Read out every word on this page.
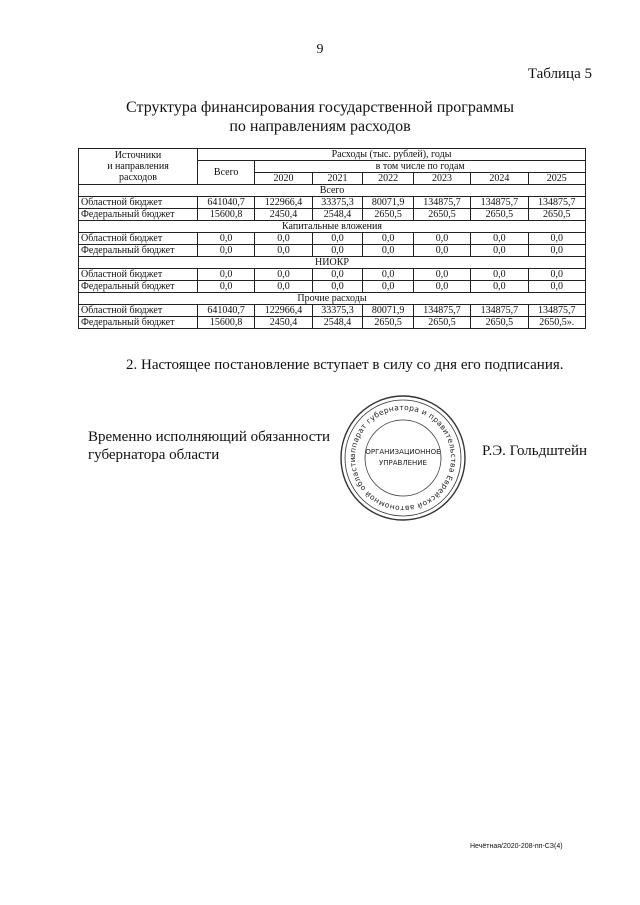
9
Таблица 5
Структура финансирования государственной программы
по направлениям расходов
Источники
и направления
расходов	Расходы (тыс. рублей), годы						
	Всего	в том числе по годам					
		2020	2021	2022	2023	2024	2025
Всего							
Областной бюджет	641040,7	122966,4	33375,3	80071,9	134875,7	134875,7	134875,7
Федеральный бюджет	15600,8	2450,4	2548,4	2650,5	2650,5	2650,5	2650,5
Капитальные вложения							
Областной бюджет	0,0	0,0	0,0	0,0	0,0	0,0	0,0
Федеральный бюджет	0,0	0,0	0,0	0,0	0,0	0,0	0,0
НИОКР							
Областной бюджет	0,0	0,0	0,0	0,0	0,0	0,0	0,0
Федеральный бюджет	0,0	0,0	0,0	0,0	0,0	0,0	0,0
Прочие расходы							
Областной бюджет	641040,7	122966,4	33375,3	80071,9	134875,7	134875,7	134875,7
Федеральный бюджет	15600,8	2450,4	2548,4	2650,5	2650,5	2650,5	2650,5».
2. Настоящее постановление вступает в силу со дня его подписания.
Временно исполняющий обязанности
губернатора области	аппарат губернатора и правительства Еврейской автономной области
ОРГАНИЗАЦИОННОЕ
УПРАВЛЕНИЕ
Р.Э. Гольдштейн
Нечётная/2020-208-пп-СЗ(4)
